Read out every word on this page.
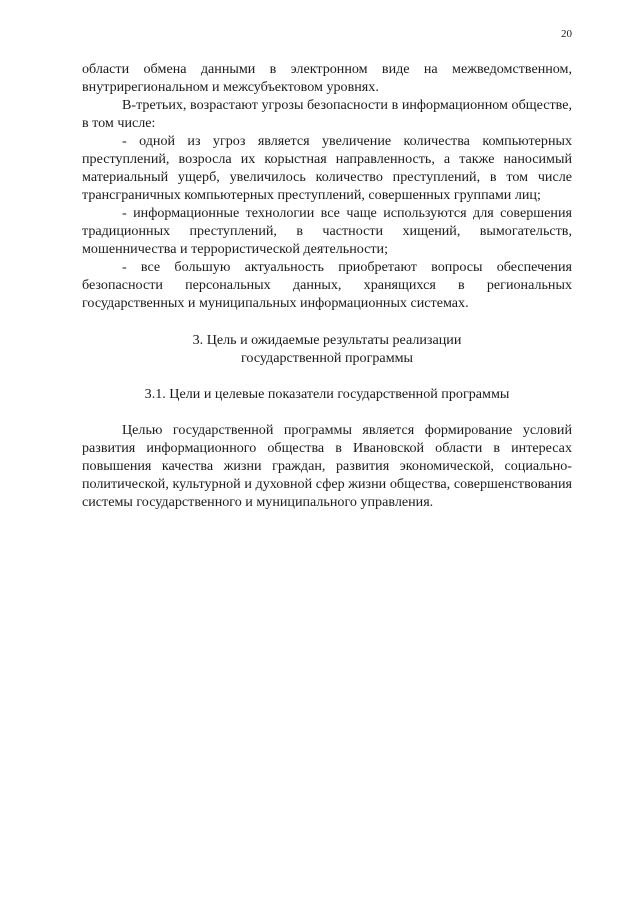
20

области обмена данными в электронном виде на межведомственном, внутрирегиональном и межсубъектовом уровнях.

В-третьих, возрастают угрозы безопасности в информационном обществе, в том числе:

- одной из угроз является увеличение количества компьютерных преступлений, возросла их корыстная направленность, а также наносимый материальный ущерб, увеличилось количество преступлений, в том числе трансграничных компьютерных преступлений, совершенных группами лиц;

- информационные технологии все чаще используются для совершения традиционных преступлений, в частности хищений, вымогательств, мошенничества и террористической деятельности;

- все большую актуальность приобретают вопросы обеспечения безопасности персональных данных, хранящихся в региональных государственных и муниципальных информационных системах.

3. Цель и ожидаемые результаты реализации
государственной программы
3.1. Цели и целевые показатели государственной программы

Целью государственной программы является формирование условий развития информационного общества в Ивановской области в интересах повышения качества жизни граждан, развития экономической, социально-политической, культурной и духовной сфер жизни общества, совершенствования системы государственного и муниципального управления.
